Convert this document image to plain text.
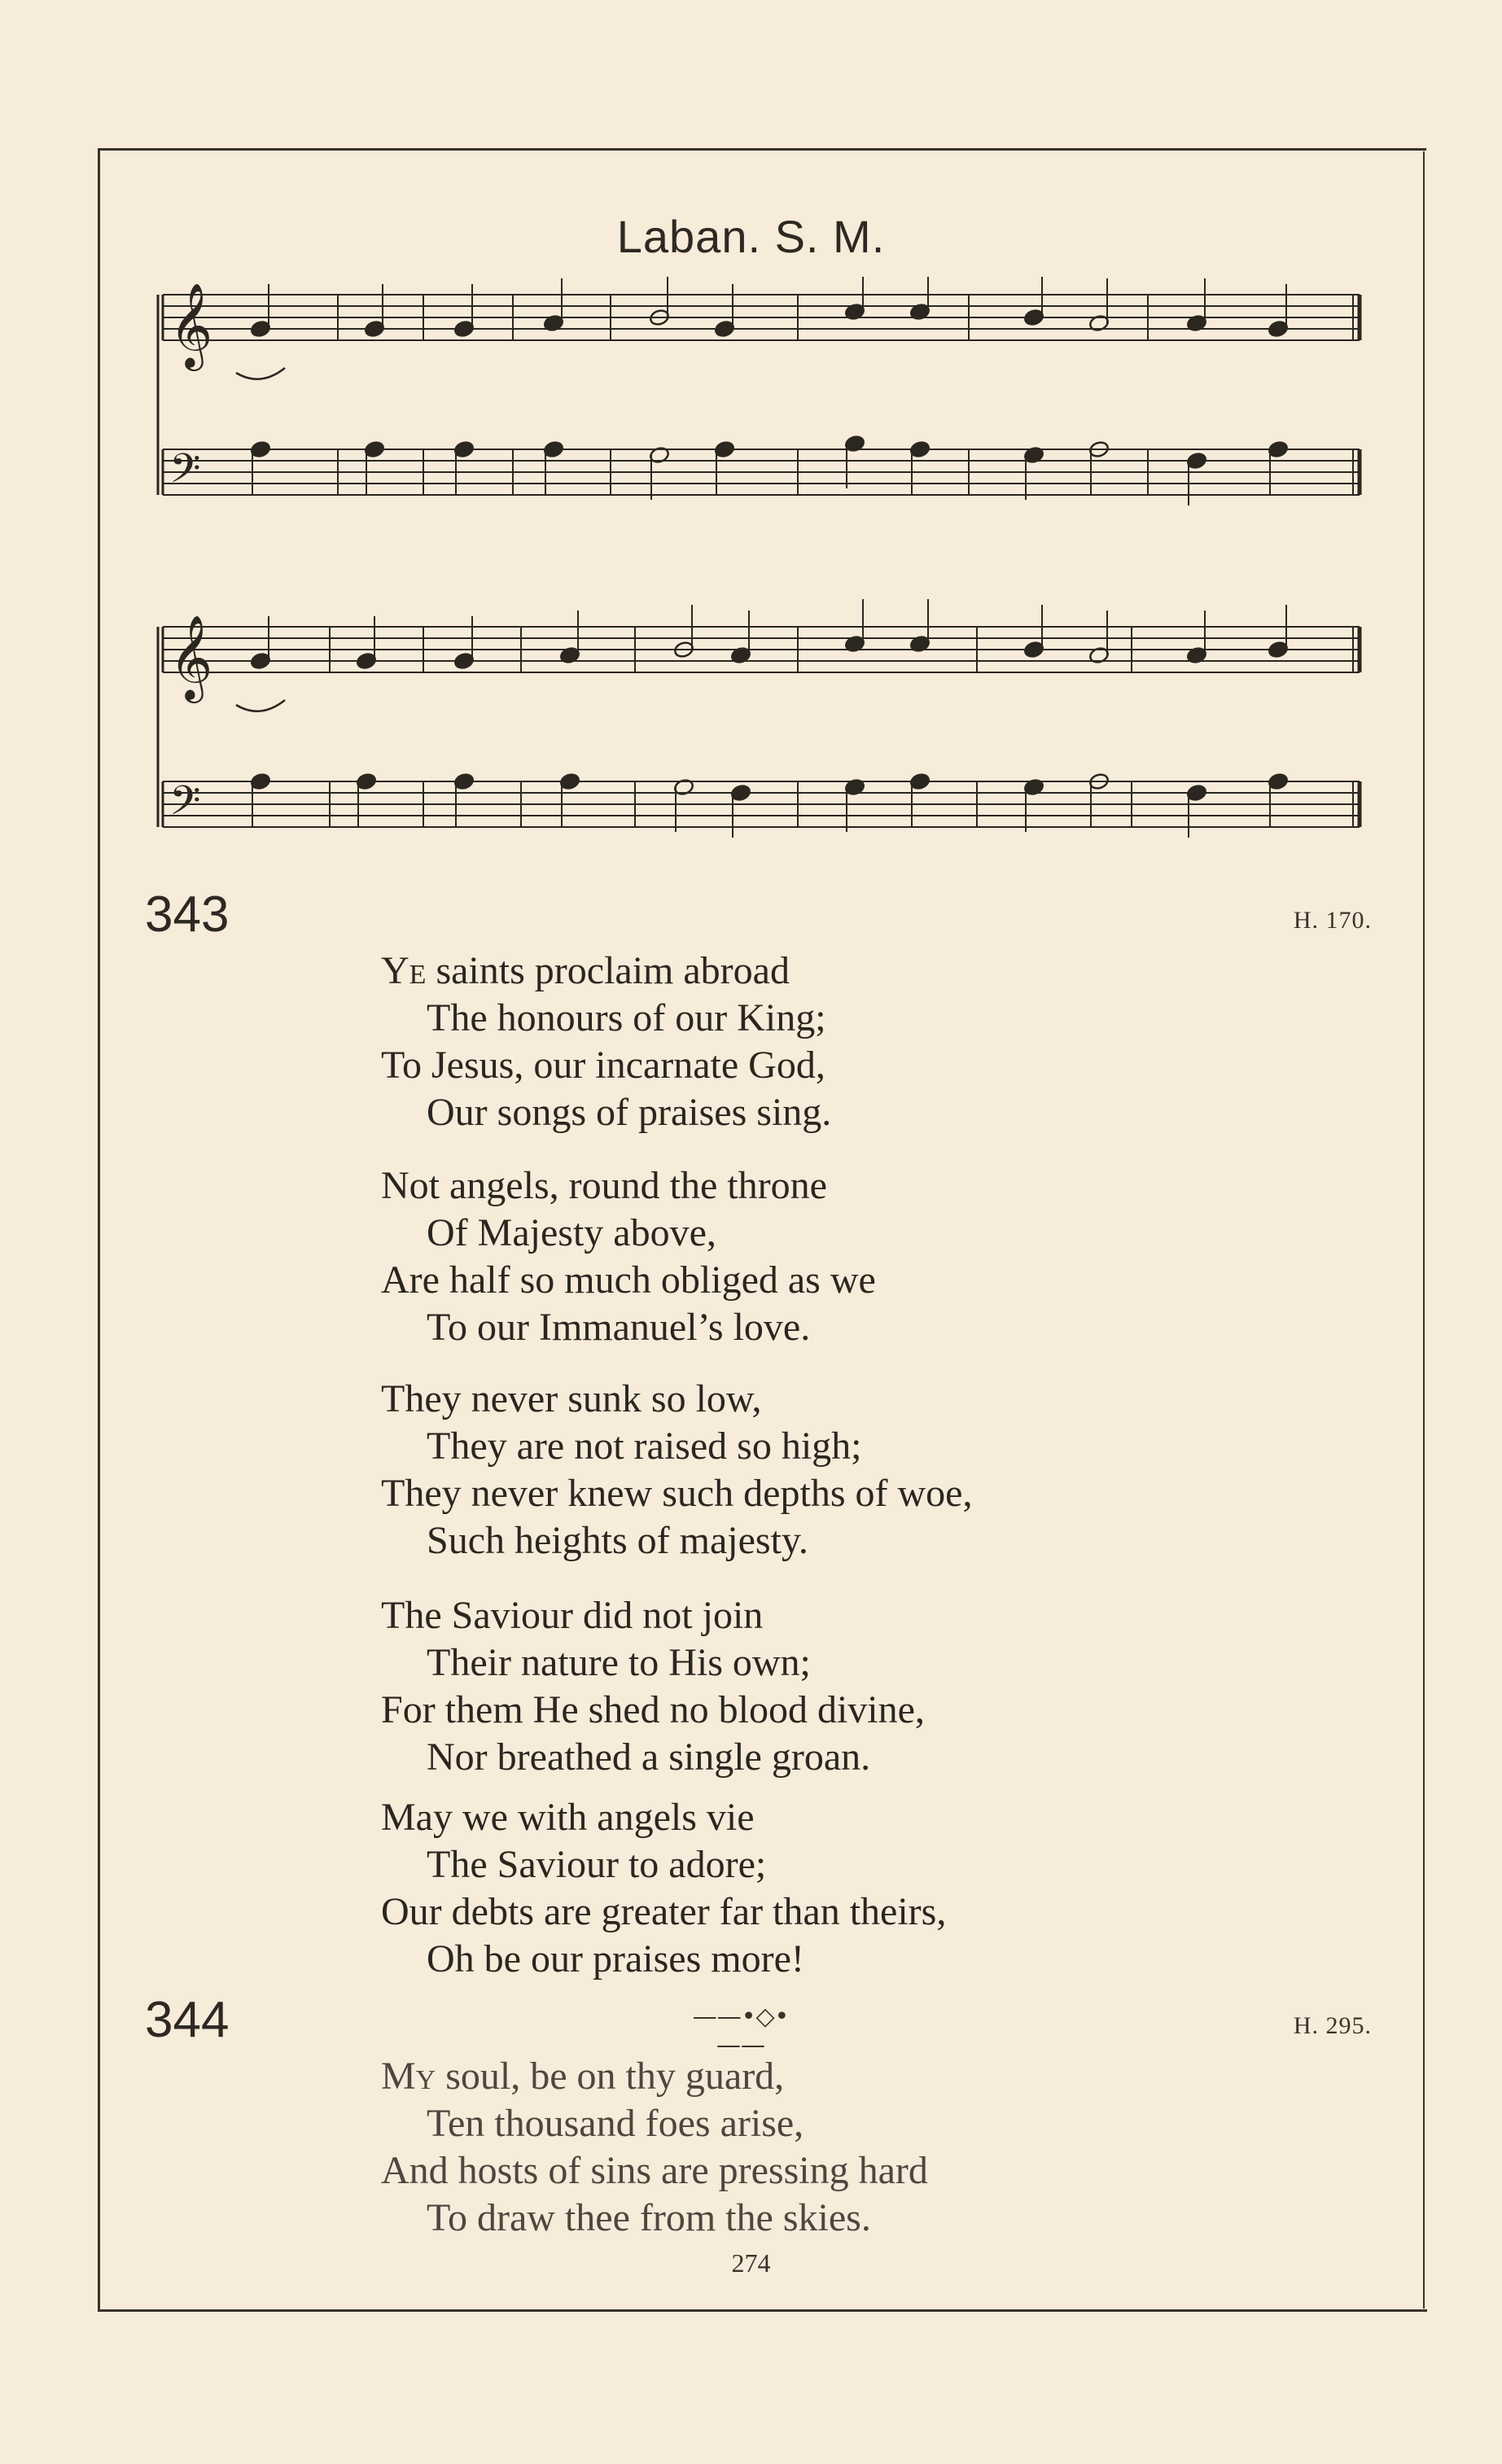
Laban. S. M.
𝄞
𝄢
𝄞
𝄢
343	H. 170.
Ye saints proclaim abroad
The honours of our King;
To Jesus, our incarnate God,
Our songs of praises sing.
Not angels, round the throne
Of Majesty above,
Are half so much obliged as we
To our Immanuel’s love.
They never sunk so low,
They are not raised so high;
They never knew such depths of woe,
Such heights of majesty.
The Saviour did not join
Their nature to His own;
For them He shed no blood divine,
Nor breathed a single groan.
May we with angels vie
The Saviour to adore;
Our debts are greater far than theirs,
Oh be our praises more!
344	——•◇•——
H. 295.
My soul, be on thy guard,
Ten thousand foes arise,
And hosts of sins are pressing hard
To draw thee from the skies.
274
